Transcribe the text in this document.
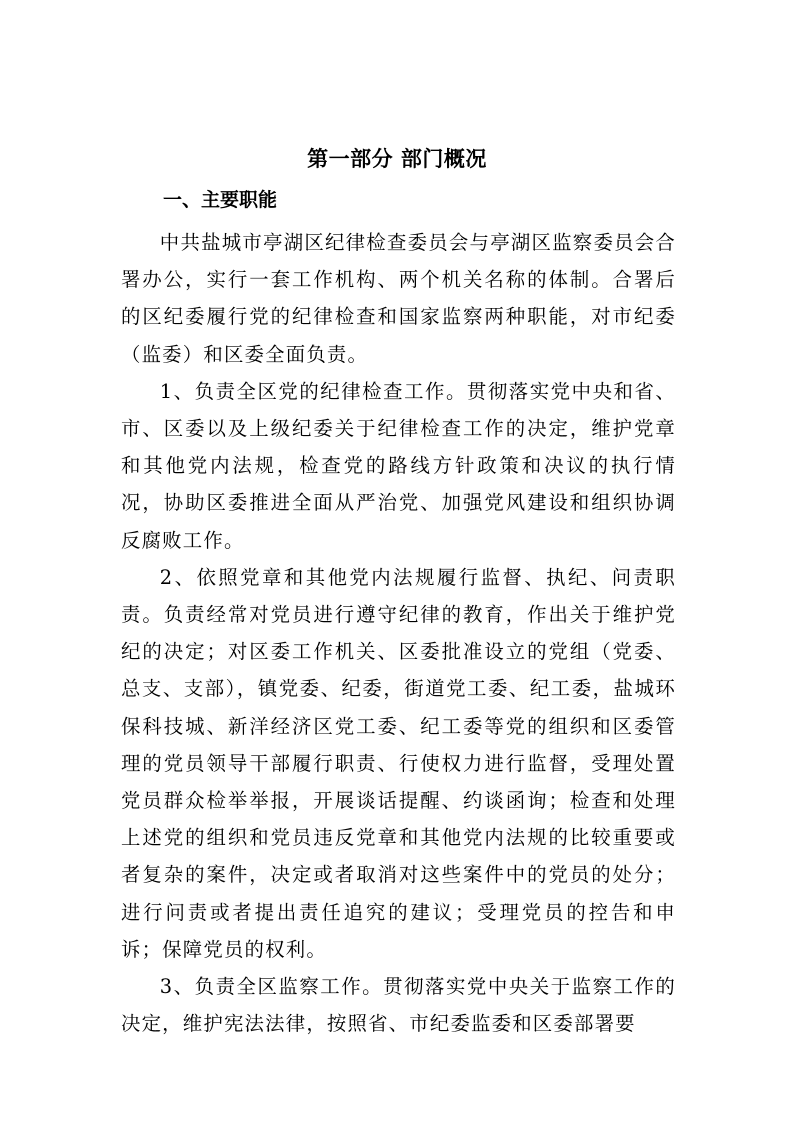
第一部分 部门概况
一、主要职能

中共盐城市亭湖区纪律检查委员会与亭湖区监察委员会合署办公，实行一套工作机构、两个机关名称的体制。合署后的区纪委履行党的纪律检查和国家监察两种职能，对市纪委（监委）和区委全面负责。

1、负责全区党的纪律检查工作。贯彻落实党中央和省、市、区委以及上级纪委关于纪律检查工作的决定，维护党章和其他党内法规，检查党的路线方针政策和决议的执行情况，协助区委推进全面从严治党、加强党风建设和组织协调反腐败工作。

2、依照党章和其他党内法规履行监督、执纪、问责职责。负责经常对党员进行遵守纪律的教育，作出关于维护党纪的决定；对区委工作机关、区委批准设立的党组（党委、总支、支部），镇党委、纪委，街道党工委、纪工委，盐城环保科技城、新洋经济区党工委、纪工委等党的组织和区委管理的党员领导干部履行职责、行使权力进行监督，受理处置党员群众检举举报，开展谈话提醒、约谈函询；检查和处理上述党的组织和党员违反党章和其他党内法规的比较重要或者复杂的案件，决定或者取消对这些案件中的党员的处分；进行问责或者提出责任追究的建议；受理党员的控告和申诉；保障党员的权利。

3、负责全区监察工作。贯彻落实党中央关于监察工作的决定，维护宪法法律，按照省、市纪委监委和区委部署要
